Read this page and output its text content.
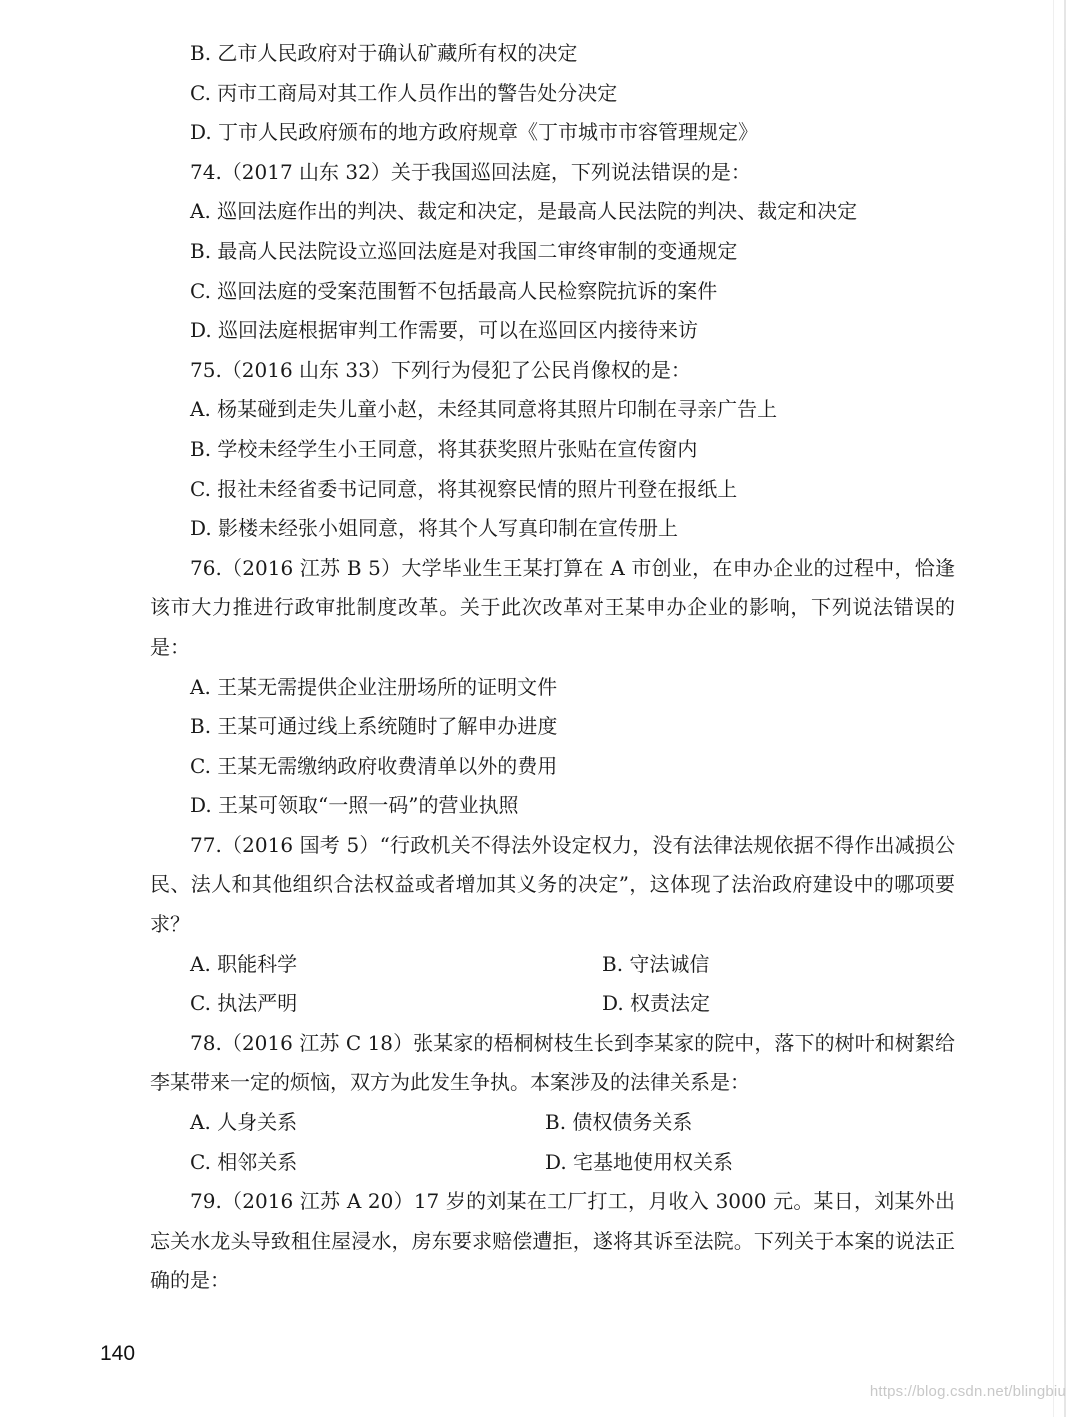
B. 乙市人民政府对于确认矿藏所有权的决定
C. 丙市工商局对其工作人员作出的警告处分决定
D. 丁市人民政府颁布的地方政府规章《丁市城市市容管理规定》
74.（2017 山东 32）关于我国巡回法庭，下列说法错误的是：
A. 巡回法庭作出的判决、裁定和决定，是最高人民法院的判决、裁定和决定
B. 最高人民法院设立巡回法庭是对我国二审终审制的变通规定
C. 巡回法庭的受案范围暂不包括最高人民检察院抗诉的案件
D. 巡回法庭根据审判工作需要，可以在巡回区内接待来访
75.（2016 山东 33）下列行为侵犯了公民肖像权的是：
A. 杨某碰到走失儿童小赵，未经其同意将其照片印制在寻亲广告上
B. 学校未经学生小王同意，将其获奖照片张贴在宣传窗内
C. 报社未经省委书记同意，将其视察民情的照片刊登在报纸上
D. 影楼未经张小姐同意，将其个人写真印制在宣传册上
76.（2016 江苏 B 5）大学毕业生王某打算在 A 市创业，在申办企业的过程中，恰逢该市大力推进行政审批制度改革。关于此次改革对王某申办企业的影响，下列说法错误的是：
A. 王某无需提供企业注册场所的证明文件
B. 王某可通过线上系统随时了解申办进度
C. 王某无需缴纳政府收费清单以外的费用
D. 王某可领取“一照一码”的营业执照
77.（2016 国考 5）“行政机关不得法外设定权力，没有法律法规依据不得作出减损公民、法人和其他组织合法权益或者增加其义务的决定”，这体现了法治政府建设中的哪项要求？
A. 职能科学	B. 守法诚信
C. 执法严明	D. 权责法定
78.（2016 江苏 C 18）张某家的梧桐树枝生长到李某家的院中，落下的树叶和树絮给李某带来一定的烦恼，双方为此发生争执。本案涉及的法律关系是：
A. 人身关系	B. 债权债务关系
C. 相邻关系	D. 宅基地使用权关系
79.（2016 江苏 A 20）17 岁的刘某在工厂打工，月收入 3000 元。某日，刘某外出忘关水龙头导致租住屋浸水，房东要求赔偿遭拒，遂将其诉至法院。下列关于本案的说法正确的是：
140
https://blog.csdn.net/blingbiu
